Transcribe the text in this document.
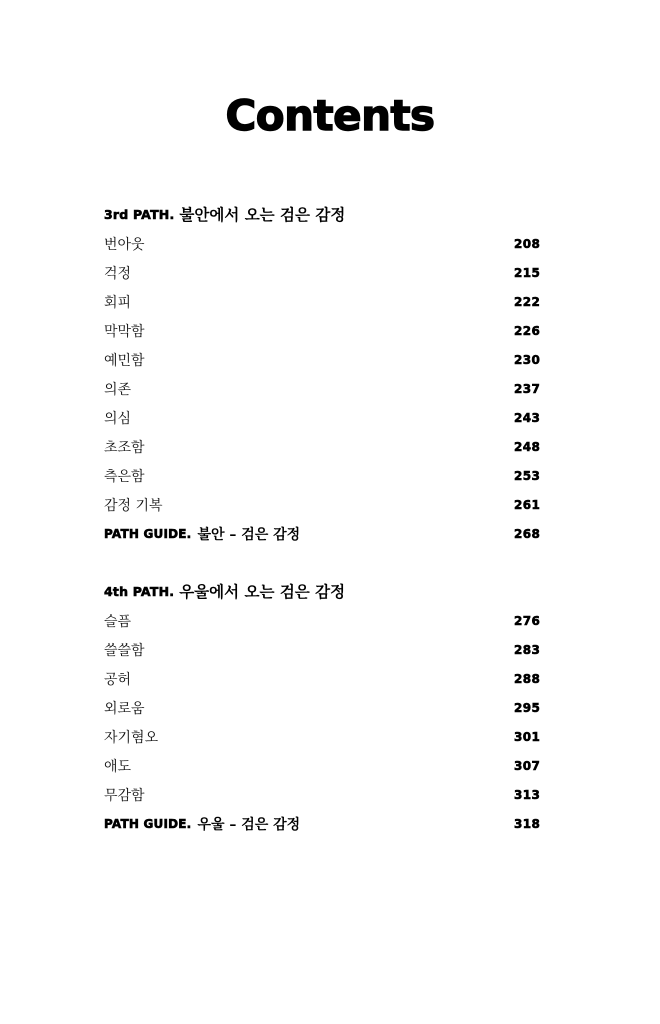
Contents
3rd PATH. 불안에서 오는 검은 감정
번아웃	208
걱정	215
회피	222
막막함	226
예민함	230
의존	237
의심	243
초조함	248
측은함	253
감정 기복	261
PATH GUIDE. 불안 – 검은 감정	268
4th PATH. 우울에서 오는 검은 감정
슬픔	276
쓸쓸함	283
공허	288
외로움	295
자기혐오	301
애도	307
무감함	313
PATH GUIDE. 우울 – 검은 감정	318
